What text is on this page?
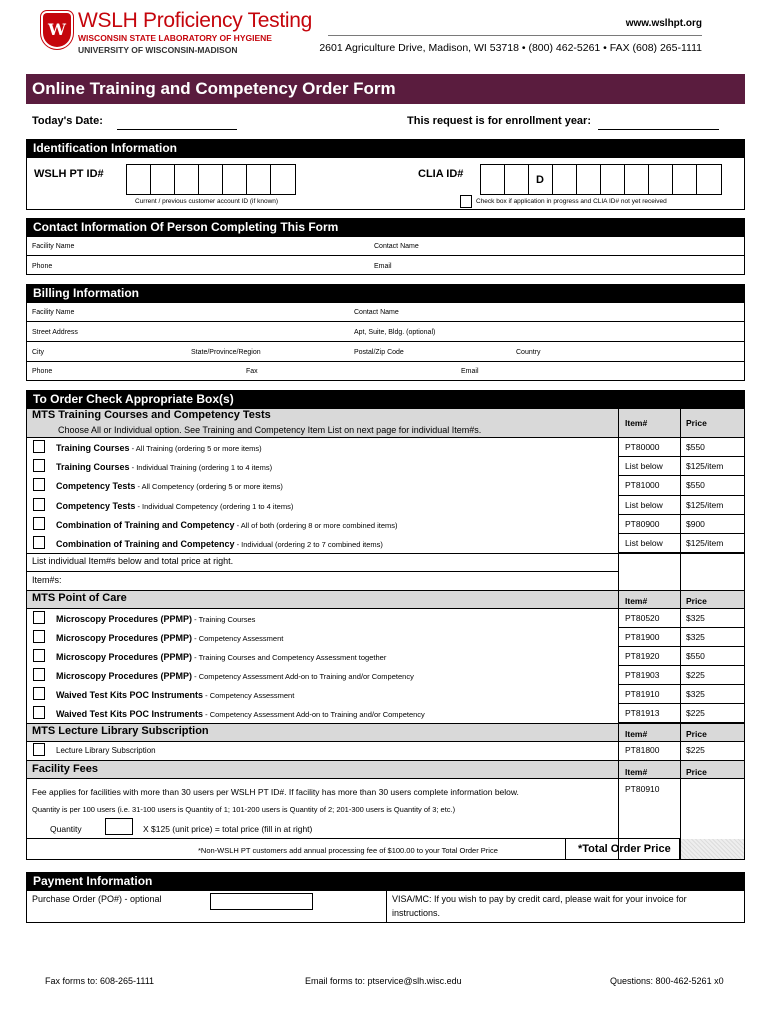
W WSLH Proficiency Testing
WISCONSIN STATE LABORATORY OF HYGIENE
UNIVERSITY OF WISCONSIN-MADISON
www.wslhpt.org
2601 Agriculture Drive, Madison, WI 53718 • (800) 462-5261 • FAX (608) 265-1111
Online Training and Competency Order Form
Today's Date:	This request is for enrollment year:
Identification Information
WSLH PT ID#
Current / previous customer account ID (if known)
CLIA ID#	D
Check box if application in progress and CLIA ID# not yet received
Contact Information Of Person Completing This Form
Facility Name	Contact Name
Phone	Email
Billing Information
Facility Name	Contact Name
Street Address	Apt, Suite, Bldg. (optional)
City	State/Province/Region	Postal/Zip Code	Country
Phone	Fax	Email
To Order Check Appropriate Box(s)
MTS Training Courses and Competency Tests
Choose All or Individual option. See Training and Competency Item List on next page for individual Item#s.
Item#	Price
Training Courses - All Training (ordering 5 or more items)	PT80000	$550
Training Courses - Individual Training (ordering 1 to 4 items)	List below	$125/item
Competency Tests - All Competency (ordering 5 or more items)	PT81000	$550
Competency Tests - Individual Competency (ordering 1 to 4 items)	List below	$125/item
Combination of Training and Competency - All of both (ordering 8 or more combined items)	PT80900	$900
Combination of Training and Competency - Individual (ordering 2 to 7 combined items)	List below	$125/item
List individual Item#s below and total price at right.
Item#s:
MTS Point of Care	Item#	Price
Microscopy Procedures (PPMP) - Training Courses	PT80520	$325
Microscopy Procedures (PPMP) - Competency Assessment	PT81900	$325
Microscopy Procedures (PPMP) - Training Courses and Competency Assessment together	PT81920	$550
Microscopy Procedures (PPMP) - Competency Assessment Add-on to Training and/or Competency	PT81903	$225
Waived Test Kits POC Instruments - Competency Assessment	PT81910	$325
Waived Test Kits POC Instruments - Competency Assessment Add-on to Training and/or Competency	PT81913	$225
MTS Lecture Library Subscription	Item#	Price
Lecture Library Subscription	PT81800	$225
Facility Fees	Item#	Price
Fee applies for facilities with more than 30 users per WSLH PT ID#. If facility has more than 30 users complete information below.	PT80910
Quantity is per 100 users (i.e. 31-100 users is Quantity of 1; 101-200 users is Quantity of 2; 201-300 users is Quantity of 3; etc.)
Quantity	X $125 (unit price) = total price (fill in at right)
*Non-WSLH PT customers add annual processing fee of $100.00 to your Total Order Price	*Total Order Price
Payment Information
Purchase Order (PO#) - optional	VISA/MC: If you wish to pay by credit card, please wait for your invoice for
instructions.
Fax forms to: 608-265-1111	Email forms to: ptservice@slh.wisc.edu	Questions: 800-462-5261 x0
